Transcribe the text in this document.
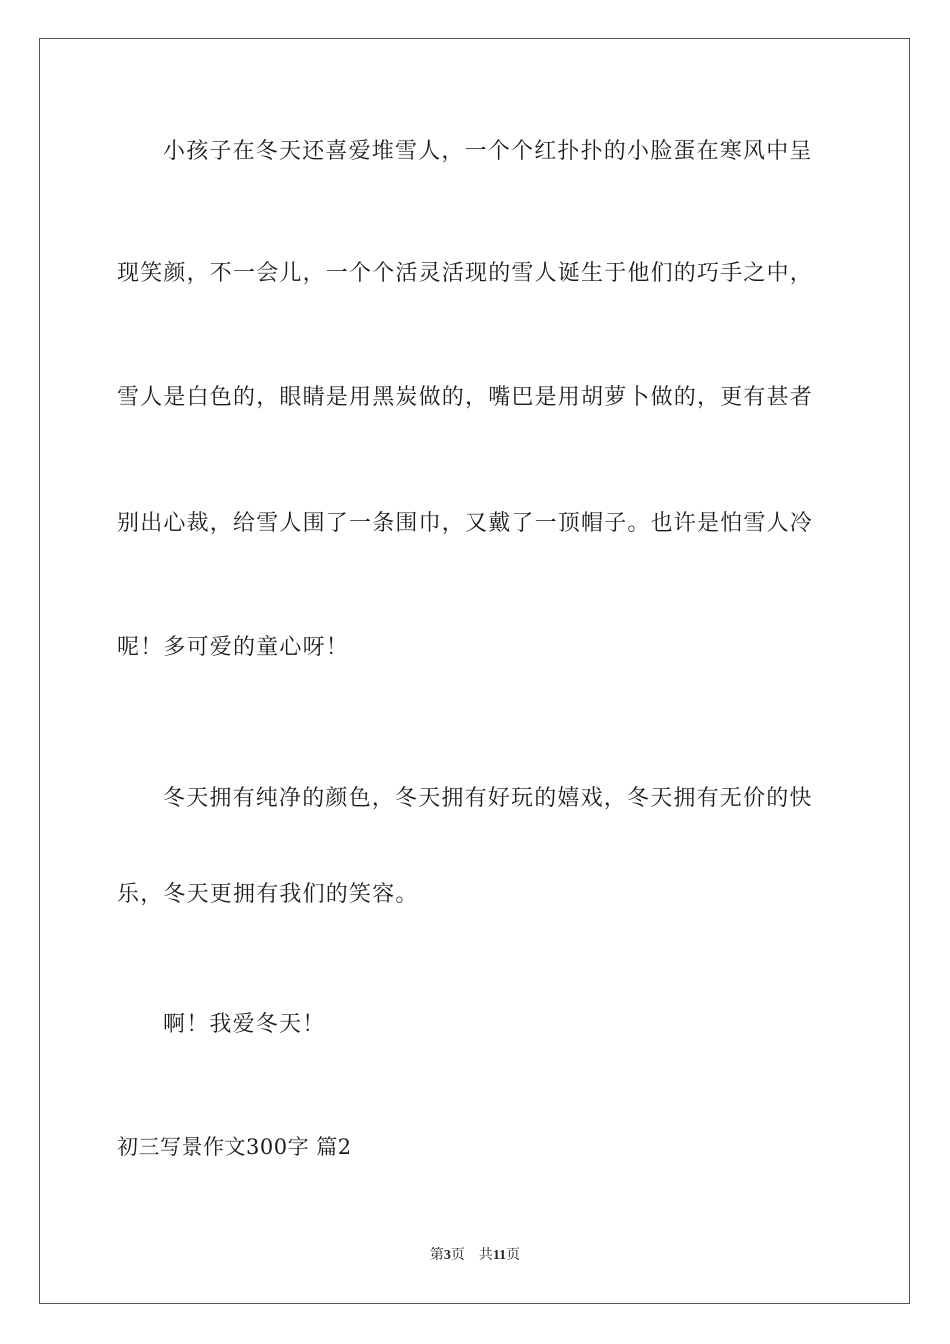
小孩子在冬天还喜爱堆雪人，一个个红扑扑的小脸蛋在寒风中呈
现笑颜，不一会儿，一个个活灵活现的雪人诞生于他们的巧手之中，
雪人是白色的，眼睛是用黑炭做的，嘴巴是用胡萝卜做的，更有甚者
别出心裁，给雪人围了一条围巾，又戴了一顶帽子。也许是怕雪人冷
呢！多可爱的童心呀！
冬天拥有纯净的颜色，冬天拥有好玩的嬉戏，冬天拥有无价的快
乐，冬天更拥有我们的笑容。
啊！我爱冬天！
初三写景作文300字 篇2
第3页 共11页
